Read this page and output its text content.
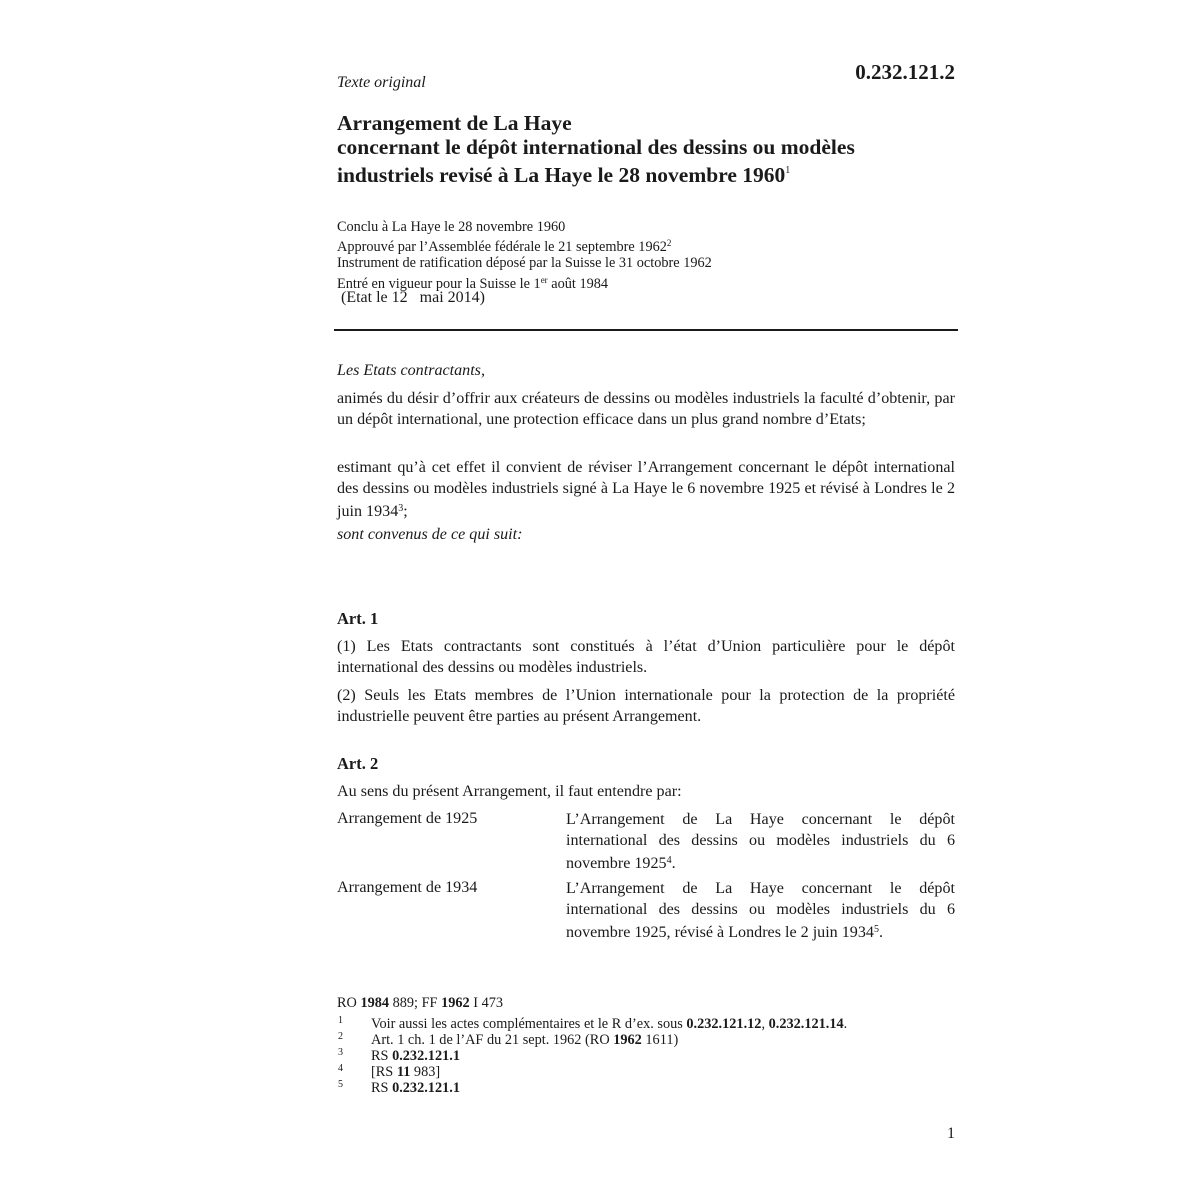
Texte original	0.232.121.2
Arrangement de La Haye
concernant le dépôt international des dessins ou modèles
industriels revisé à La Haye le 28 novembre 1960$^1$
Conclu à La Haye le 28 novembre 1960
Approuvé par l’Assemblée fédérale le 21 septembre 1962$^2$
Instrument de ratification déposé par la Suisse le 31 octobre 1962
Entré en vigueur pour la Suisse le 1er août 1984
(Etat le 12   mai 2014)
Les Etats contractants,
animés du désir d’offrir aux créateurs de dessins ou modèles industriels la faculté d’obtenir, par un dépôt international, une protection efficace dans un plus grand nombre d’Etats;
estimant qu’à cet effet il convient de réviser l’Arrangement concernant le dépôt international des dessins ou modèles industriels signé à La Haye le 6 novembre 1925 et révisé à Londres le 2 juin 1934$^3$;
sont convenus de ce qui suit:
Art. 1
(1) Les Etats contractants sont constitués à l’état d’Union particulière pour le dépôt international des dessins ou modèles industriels.
(2) Seuls les Etats membres de l’Union internationale pour la protection de la propriété industrielle peuvent être parties au présent Arrangement.
Art. 2
Au sens du présent Arrangement, il faut entendre par:
Arrangement de 1925	L’Arrangement de La Haye concernant le dépôt international des dessins ou modèles industriels du 6 novembre 1925$^4$.
Arrangement de 1934	L’Arrangement de La Haye concernant le dépôt international des dessins ou modèles industriels du 6 novembre 1925, révisé à Londres le 2 juin 1934$^5$.
RO 1984 889; FF 1962 I 473
1 Voir aussi les actes complémentaires et le R d’ex. sous 0.232.121.12, 0.232.121.14.
2 Art. 1 ch. 1 de l’AF du 21 sept. 1962 (RO 1962 1611)
3 RS 0.232.121.1
4 [RS 11 983]
5 RS 0.232.121.1
1
